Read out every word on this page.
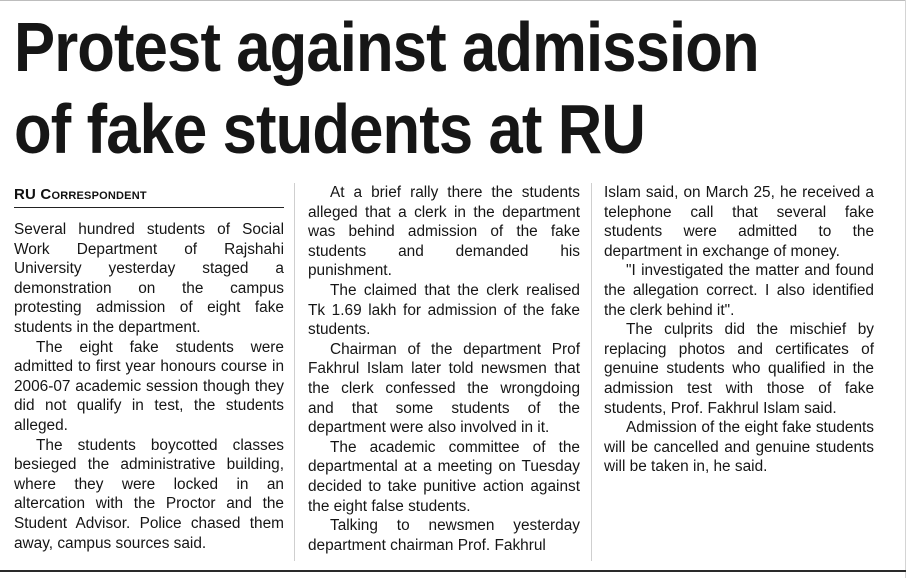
Protest against admission
of fake students at RU
RU Correspondent

Several hundred students of Social Work Department of Rajshahi University yesterday staged a demonstration on the campus protesting admission of eight fake students in the department.

The eight fake students were admitted to first year honours course in 2006-07 academic session though they did not qualify in test, the students alleged.

The students boycotted classes besieged the administrative building, where they were locked in an altercation with the Proctor and the Student Advisor. Police chased them away, campus sources said.

At a brief rally there the students alleged that a clerk in the department was behind admission of the fake students and demanded his punishment.

The claimed that the clerk realised Tk 1.69 lakh for admission of the fake students.

Chairman of the department Prof Fakhrul Islam later told newsmen that the clerk confessed the wrongdoing and that some students of the department were also involved in it.

The academic committee of the departmental at a meeting on Tuesday decided to take punitive action against the eight false students.

Talking to newsmen yesterday department chairman Prof. Fakhrul

Islam said, on March 25, he received a telephone call that several fake students were admitted to the department in exchange of money.

"I investigated the matter and found the allegation correct. I also identified the clerk behind it".

The culprits did the mischief by replacing photos and certificates of genuine students who qualified in the admission test with those of fake students, Prof. Fakhrul Islam said.

Admission of the eight fake students will be cancelled and genuine students will be taken in, he said.
